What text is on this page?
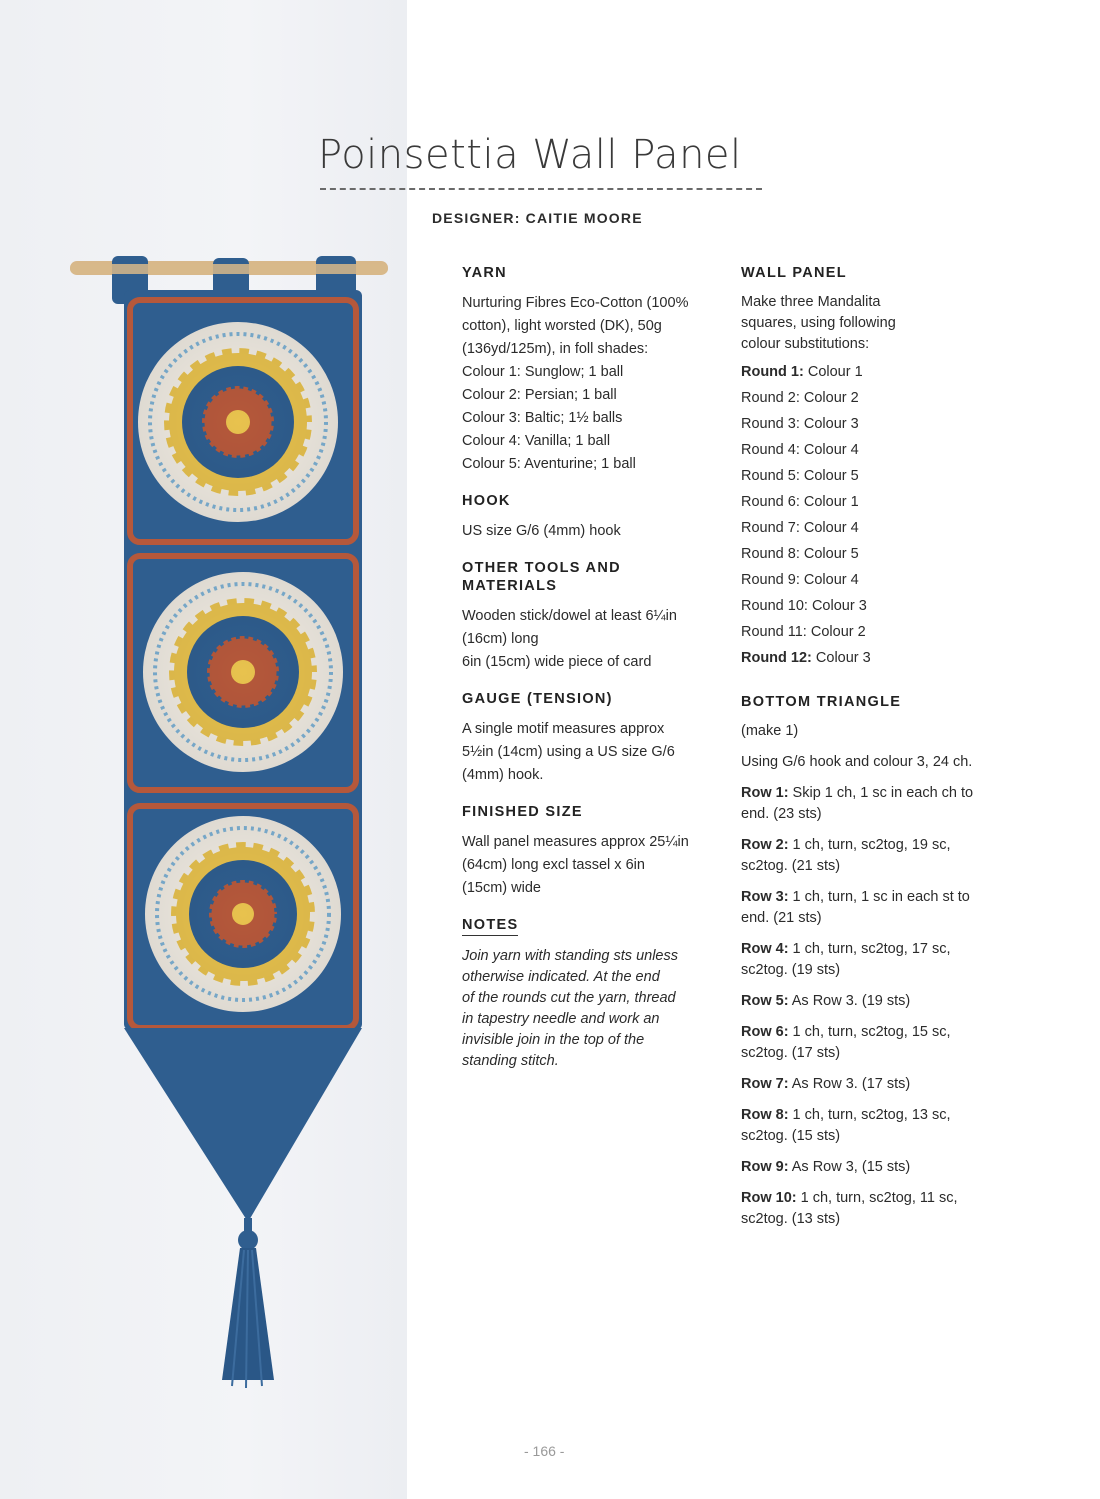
Poinsettia Wall Panel
DESIGNER: CAITIE MOORE
YARN
Nurturing Fibres Eco-Cotton (100%
cotton), light worsted (DK), 50g
(136yd/125m), in foll shades:
Colour 1: Sunglow; 1 ball
Colour 2: Persian; 1 ball
Colour 3: Baltic; 1½ balls
Colour 4: Vanilla; 1 ball
Colour 5: Aventurine; 1 ball
HOOK
US size G/6 (4mm) hook
OTHER TOOLS AND
MATERIALS
Wooden stick/dowel at least 6¼in
(16cm) long
6in (15cm) wide piece of card
GAUGE (TENSION)
A single motif measures approx
5½in (14cm) using a US size G/6
(4mm) hook.
FINISHED SIZE
Wall panel measures approx 25¼in
(64cm) long excl tassel x 6in
(15cm) wide
NOTES
Join yarn with standing sts unless
otherwise indicated. At the end
of the rounds cut the yarn, thread
in tapestry needle and work an
invisible join in the top of the
standing stitch.
WALL PANEL
Make three Mandalita
squares, using following
colour substitutions:
Round 1: Colour 1
Round 2: Colour 2
Round 3: Colour 3
Round 4: Colour 4
Round 5: Colour 5
Round 6: Colour 1
Round 7: Colour 4
Round 8: Colour 5
Round 9: Colour 4
Round 10: Colour 3
Round 11: Colour 2
Round 12: Colour 3
BOTTOM TRIANGLE
(make 1)
Using G/6 hook and colour 3, 24 ch.
Row 1: Skip 1 ch, 1 sc in each ch to end. (23 sts)
Row 2: 1 ch, turn, sc2tog, 19 sc, sc2tog. (21 sts)
Row 3: 1 ch, turn, 1 sc in each st to end. (21 sts)
Row 4: 1 ch, turn, sc2tog, 17 sc, sc2tog. (19 sts)
Row 5: As Row 3. (19 sts)
Row 6: 1 ch, turn, sc2tog, 15 sc, sc2tog. (17 sts)
Row 7: As Row 3. (17 sts)
Row 8: 1 ch, turn, sc2tog, 13 sc, sc2tog. (15 sts)
Row 9: As Row 3, (15 sts)
Row 10: 1 ch, turn, sc2tog, 11 sc, sc2tog. (13 sts)
- 166 -
